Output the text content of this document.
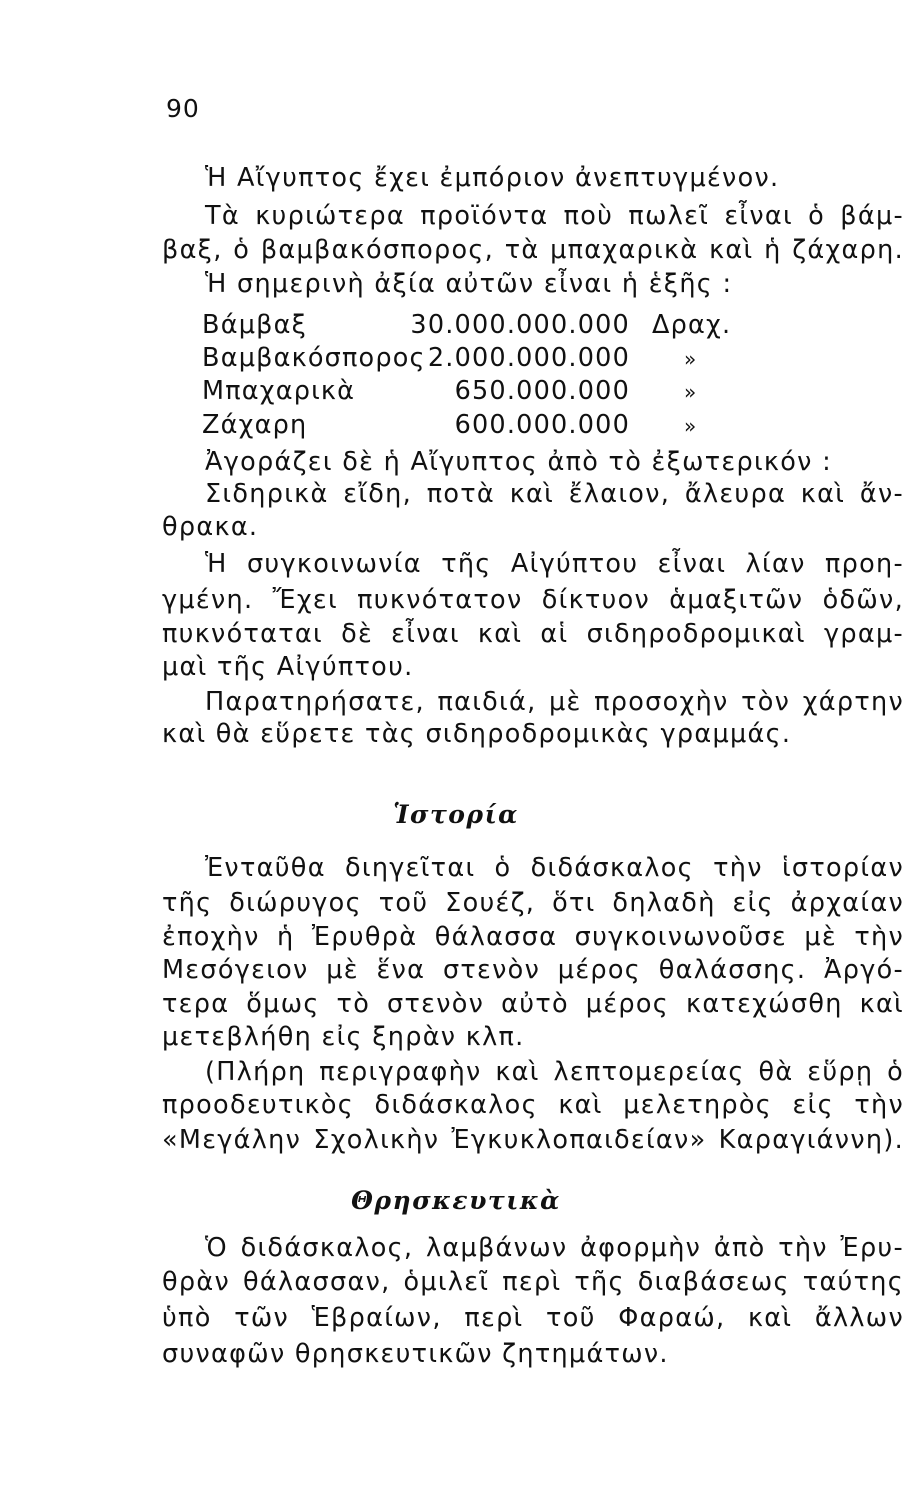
90
Ἡ Αἴγυπτος ἔχει ἐμπόριον ἀνεπτυγμένον.
Τὰ κυριώτερα προϊόντα ποὺ πωλεῖ εἶναι ὁ βάμ-
βαξ, ὁ βαμβακόσπορος, τὰ μπαχαρικὰ καὶ ἡ ζάχαρη.
Ἡ σημερινὴ ἀξία αὐτῶν εἶναι ἡ ἑξῆς :
Βάμβαξ	30.000.000.000 Δραχ.
Βαμβακόσπορος 2.000.000.000	»
Μπαχαρικὰ	650.000.000	»
Ζάχαρη	600.000.000	»
Ἀγοράζει δὲ ἡ Αἴγυπτος ἀπὸ τὸ ἐξωτερικόν :
Σιδηρικὰ εἴδη, ποτὰ καὶ ἔλαιον, ἄλευρα καὶ ἄν-
θρακα.
Ἡ συγκοινωνία τῆς Αἰγύπτου εἶναι λίαν προη-
γμένη. Ἔχει πυκνότατον δίκτυον ἁμαξιτῶν ὁδῶν,
πυκνόταται δὲ εἶναι καὶ αἱ σιδηροδρομικαὶ γραμ-
μαὶ τῆς Αἰγύπτου.
Παρατηρήσατε, παιδιά, μὲ προσοχὴν τὸν χάρτην
καὶ θὰ εὕρετε τὰς σιδηροδρομικὰς γραμμάς.
Ἱστορία
Ἐνταῦθα διηγεῖται ὁ διδάσκαλος τὴν ἱστορίαν
τῆς διώρυγος τοῦ Σουέζ, ὅτι δηλαδὴ εἰς ἀρχαίαν
ἐποχὴν ἡ Ἐρυθρὰ θάλασσα συγκοινωνοῦσε μὲ τὴν
Μεσόγειον μὲ ἕνα στενὸν μέρος θαλάσσης. Ἀργό-
τερα ὅμως τὸ στενὸν αὐτὸ μέρος κατεχώσθη καὶ
μετεβλήθη εἰς ξηρὰν κλπ.
(Πλήρη περιγραφὴν καὶ λεπτομερείας θὰ εὕρῃ ὁ
προοδευτικὸς διδάσκαλος καὶ μελετηρὸς εἰς τὴν
«Μεγάλην Σχολικὴν Ἐγκυκλοπαιδείαν» Καραγιάννη).
Θρησκευτικὰ
Ὁ διδάσκαλος, λαμβάνων ἀφορμὴν ἀπὸ τὴν Ἐρυ-
θρὰν θάλασσαν, ὁμιλεῖ περὶ τῆς διαβάσεως ταύτης
ὑπὸ τῶν Ἑβραίων, περὶ τοῦ Φαραώ, καὶ ἄλλων
συναφῶν θρησκευτικῶν ζητημάτων.
